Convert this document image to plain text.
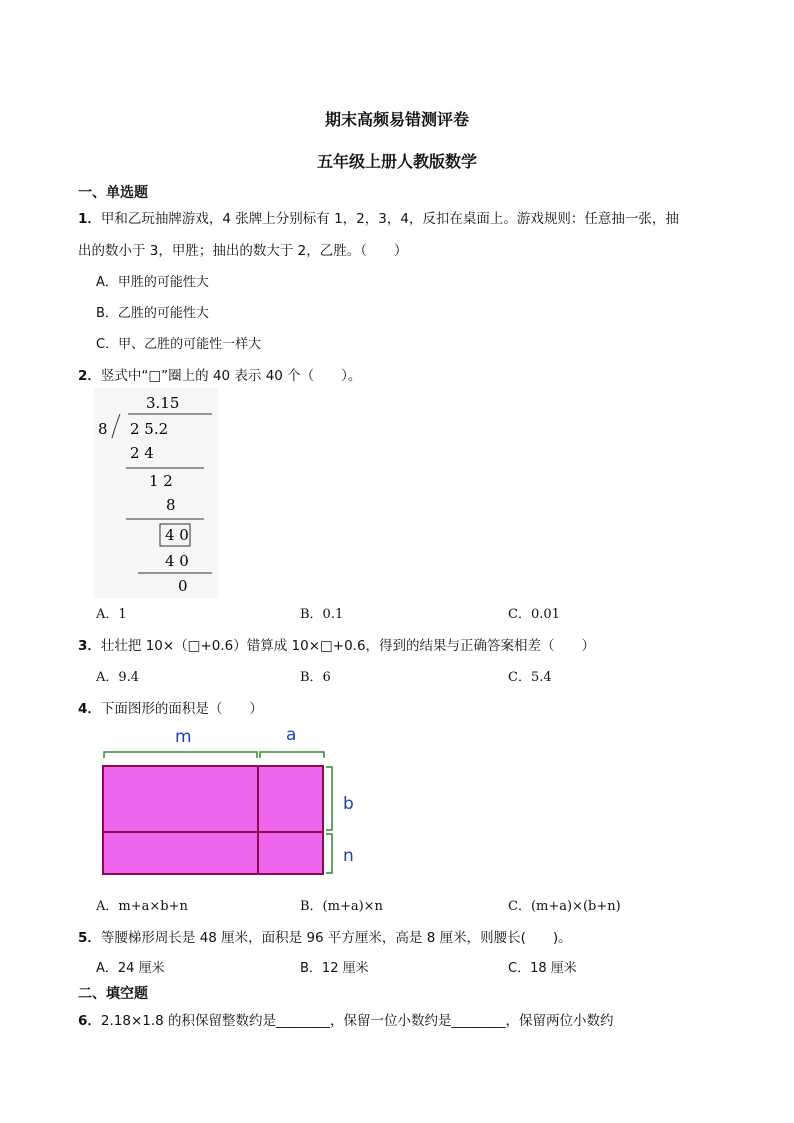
期末高频易错测评卷
五年级上册人教版数学
一、单选题
1．甲和乙玩抽牌游戏，4 张牌上分别标有 1，2，3，4，反扣在桌面上。游戏规则：任意抽一张，抽
出的数小于 3，甲胜；抽出的数大于 2，乙胜。（　　）
A．甲胜的可能性大
B．乙胜的可能性大
C．甲、乙胜的可能性一样大
2．竖式中“□”圈上的 40 表示 40 个（　　）。
3.15
8 2 5.2
2 4
1 2
8
4 0
4 0
0
A．1	B．0.1	C．0.01
3．壮壮把 10×（□+0.6）错算成 10×□+0.6，得到的结果与正确答案相差（　　）
A．9.4	B．6	C．5.4
4．下面图形的面积是（　　）
m	a
b
n
A．m+a×b+n	B．(m+a)×n	C．(m+a)×(b+n)
5．等腰梯形周长是 48 厘米，面积是 96 平方厘米，高是 8 厘米，则腰长(　　)。
A．24 厘米	B．12 厘米	C．18 厘米
二、填空题
6．2.18×1.8 的积保留整数约是________，保留一位小数约是________，保留两位小数约
